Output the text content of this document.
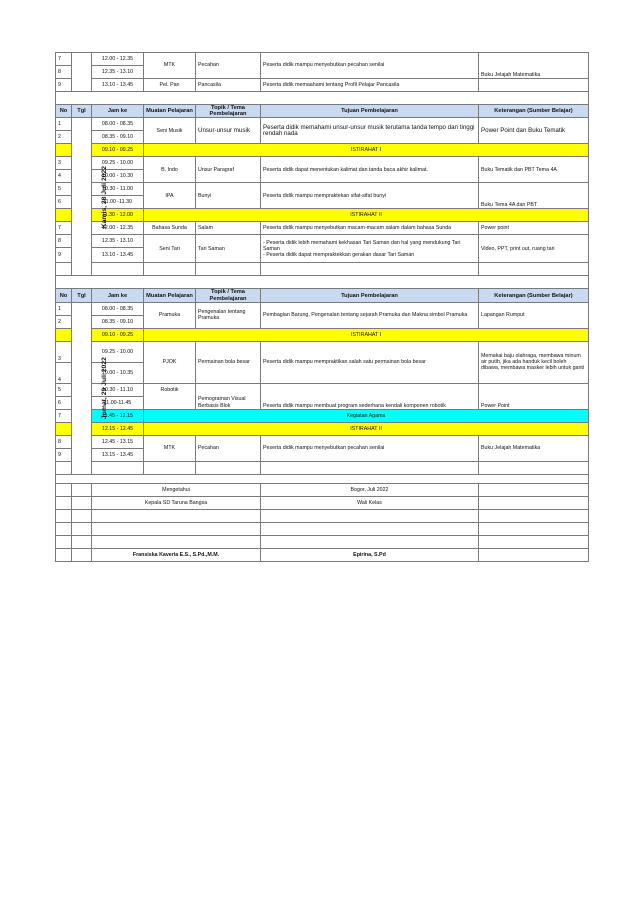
7		12.00 - 12.35	MTK	Pecahan	Peserta didik mampu menyebutkan pecahan senilai	Buku Jelajah Matematika
8		12.35 - 13.10				
9		13.10 - 13.45	Pel. Pan	Pancasila	Peserta didik memaahami tentang Profil Pelajar Pancasila	

No	Tgl	Jam ke	Muatan Pelajaran	Topik / Tema Pembelajaran	Tujuan Pembelajaran	Keterangan (Sumber Belajar)
1	Kamis, 28 Juli 2022	08.00 - 08.35	Seni Musik	Unsur-unsur musik	Peserta didik memahami unsur-unsur musik terutama tanda tempo dan tinggi rendah nada	Power Point dan Buku Tematik
2		08.35 - 09.10				
		09.10 - 09.25	ISTIRAHAT I			
3		09.25 - 10.00	B. Indo	Unsur Paragraf	Peserta didik dapat menentukan kalimat dan tanda baca akhir kalimat.	Buku Tematik dan PBT Tema 4A
4		10.00 - 10.30				
5		10.30 - 11.00	IPA	Bunyi	Peserta didik mampu mempraktekan sifat-sifat bunyi	Buku Tema 4A dan PBT
6		11.00 -11.30				
		11.30 - 12.00	ISTIRAHAT II			
7		12.00 - 12.35	Bahasa Sunda	Salam	Peserta didik mampu menyebutkan macam-macam salam dalam bahasa Sunda	Power point
8		12.35 - 13.10	Seni Tari	Tari Saman	- Peserta didik lebih memahami kekhasan Tari Saman dan hal yang mendukung Tari Saman
- Peserta didik dapat mempraktekkan gerakan dasar Tari Saman	Video, PPT, print out, ruang tari
9		13.10 - 13.45				

No	Tgl	Jam ke	Muatan Pelajaran	Topik / Tema Pembelajaran	Tujuan Pembelajaran	Keterangan (Sumber Belajar)
1	Jumat, 29 Juli 2022	08.00 - 08.35	Pramuka	Pengenalan tentang Pramuka	Pembagian Barung, Pengenalan tentang sejarah Pramuka dan Makna simbol Pramuka	Lapangan Rumput
2		08.35 - 09.10				
		09.10 - 09.25	ISTIRAHAT I			
3		09.25 - 10.00	PJOK	Permainan bola besar	Peserta didik mampu mempraktikan salah satu permainan bola besar	Memakai baju olahraga, membawa minum air putih, jika ada handuk kecil boleh dibawa, membawa masker lebih untuk ganti
4		10.00 - 10.35				
5		10.30 - 11.10	Robotik	Pemograman Visual Berbasis Blok	Peserta didik mampu membuat program sederhana kendali komponen robotik	Power Point
6		11.00-11.45				
7		11.45 - 12.15	Kegiatan Agama			
		12.15 - 12.45	ISTIRAHAT II			
8		12.45 - 13.15	MTK	Pecahan	Peserta didik mampu menyebutkan pecahan senilai	Buku Jelajah Matematika
9		13.15 - 13.45				

		Mengetahui			Bogor, Juli 2022	
		Kepala SD Taruna Bangsa			Wali Kelas	

		Fransiska Kaveria E.S., S.Pd.,M.M.			Epirina, S.Pd	
